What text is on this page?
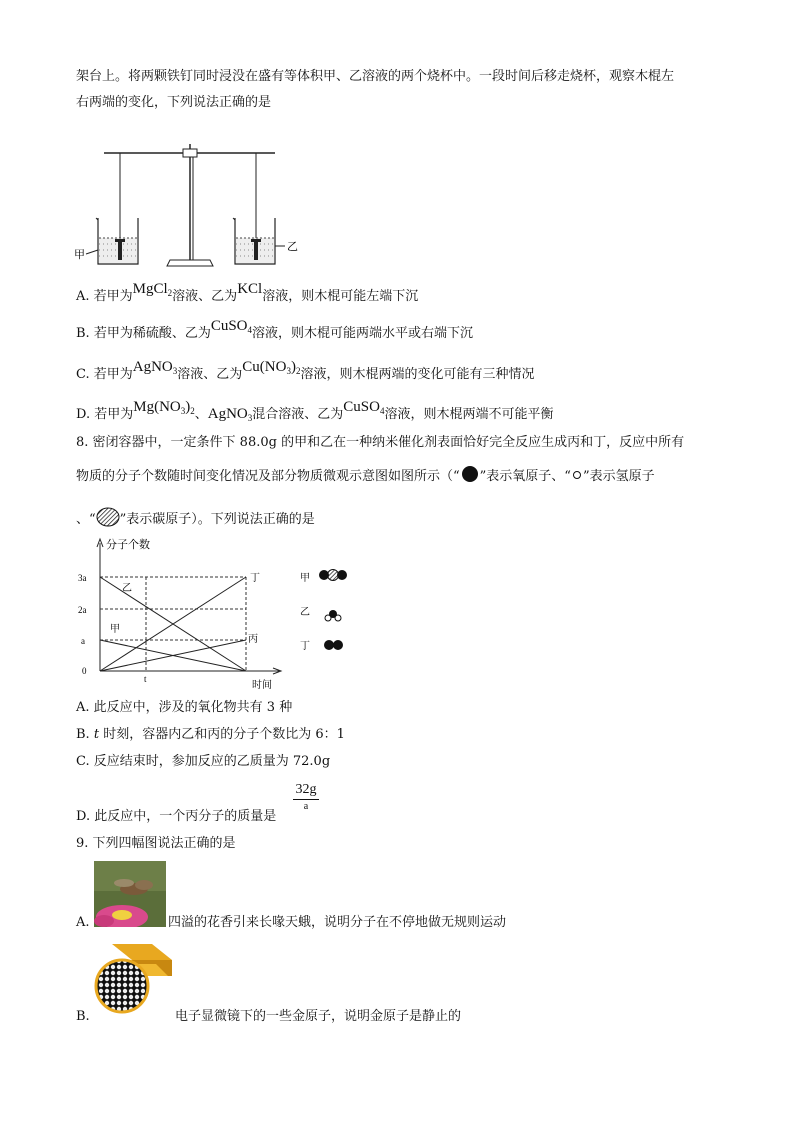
架台上。将两颗铁钉同时浸没在盛有等体积甲、乙溶液的两个烧杯中。一段时间后移走烧杯，观察木棍左
右两端的变化，下列说法正确的是
甲
乙
A. 若甲为MgCl$_2$溶液、乙为KCl溶液，则木棍可能左端下沉
B. 若甲为稀硫酸、乙为CuSO$_4$溶液，则木棍可能两端水平或右端下沉
C. 若甲为AgNO$_3$溶液、乙为$Cu(NO_3)_2$溶液，则木棍两端的变化可能有三种情况
D. 若甲为$Mg(NO_3)_2$、AgNO$_3$混合溶液、乙为CuSO$_4$溶液，则木棍两端不可能平衡
8. 密闭容器中，一定条件下 88.0g 的甲和乙在一种纳米催化剂表面恰好完全反应生成丙和丁，反应中所有
物质的分子个数随时间变化情况及部分物质微观示意图如图所示（“ ”表示氧原子、“ ”表示氢原子
、“ ”表示碳原子）。下列说法正确的是
分子个数
时间
3a
2a
a
0
t
乙
甲
丁
丙
甲
乙
丁
A. 此反应中，涉及的氧化物共有 3 种
B. t 时刻，容器内乙和丙的分子个数比为 6：1
C. 反应结束时，参加反应的乙质量为 72.0g
D. 此反应中，一个丙分子的质量是
32g
a
9. 下列四幅图说法正确的是
A.	四溢的花香引来长喙天蛾，说明分子在不停地做无规则运动
B.	电子显微镜下的一些金原子，说明金原子是静止的
